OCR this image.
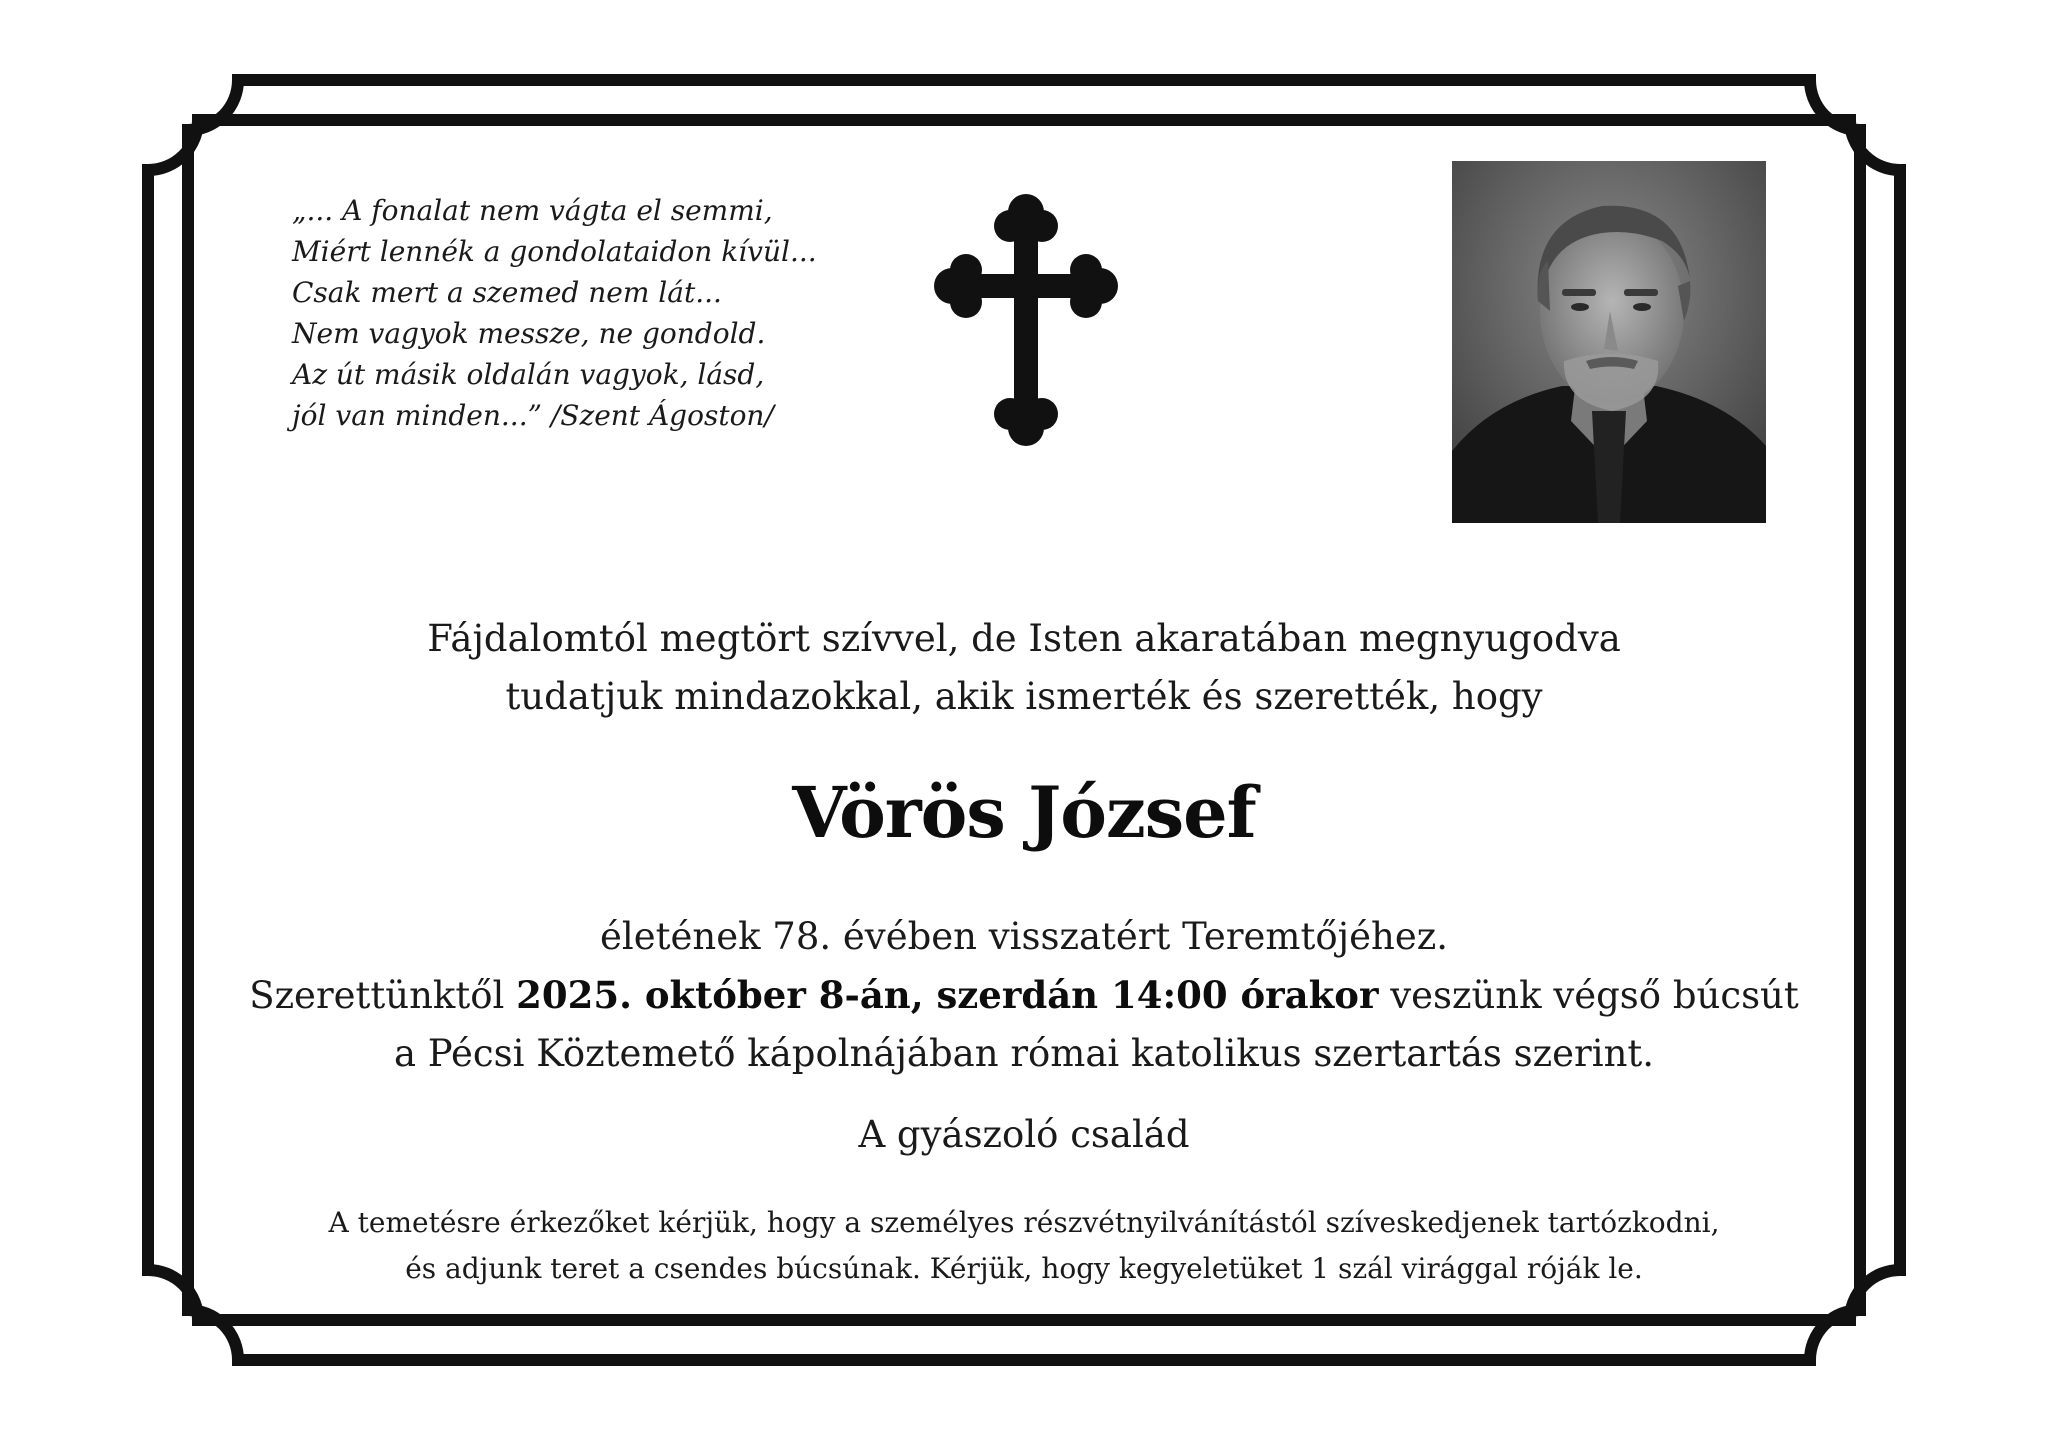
„... A fonalat nem vágta el semmi,
Miért lennék a gondolataidon kívül...
Csak mert a szemed nem lát...
Nem vagyok messze, ne gondold.
Az út másik oldalán vagyok, lásd,
jól van minden...” /Szent Ágoston/
Fájdalomtól megtört szívvel, de Isten akaratában megnyugodva
tudatjuk mindazokkal, akik ismerték és szerették, hogy
Vörös József
életének 78. évében visszatért Teremtőjéhez.
Szerettünktől 2025. október 8-án, szerdán 14:00 órakor veszünk végső búcsút
a Pécsi Köztemető kápolnájában római katolikus szertartás szerint.
A gyászoló család
A temetésre érkezőket kérjük, hogy a személyes részvétnyilvánítástól szíveskedjenek tartózkodni,
és adjunk teret a csendes búcsúnak. Kérjük, hogy kegyeletüket 1 szál virággal róják le.
